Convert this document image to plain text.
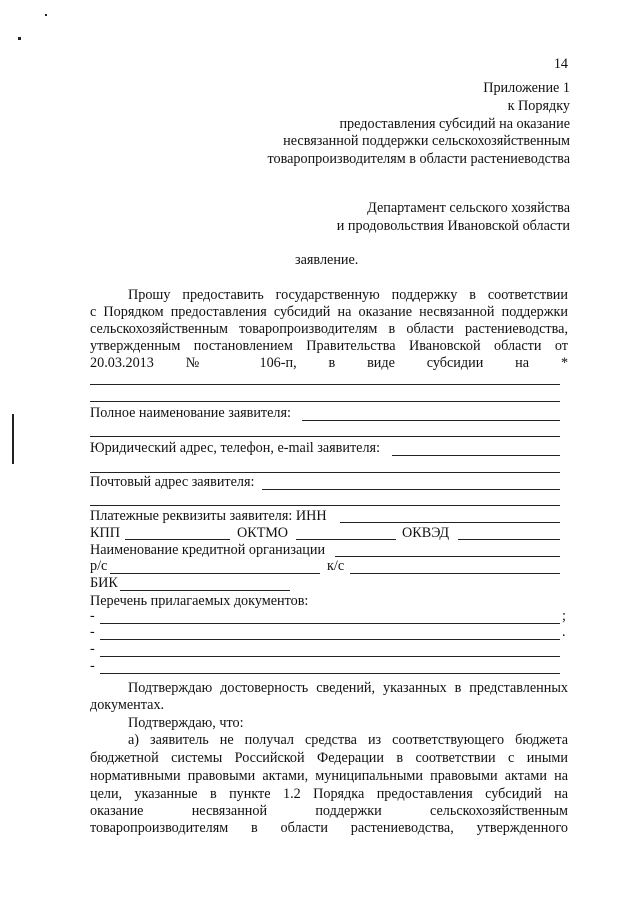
14
Приложение 1
к Порядку
предоставления субсидий на оказание
несвязанной поддержки сельскохозяйственным
товаропроизводителям в области растениеводства
Департамент сельского хозяйства
и продовольствия Ивановской области
заявление.
Прошу предоставить государственную поддержку в соответствии
с Порядком предоставления субсидий на оказание несвязанной поддержки
сельскохозяйственным товаропроизводителям в области растениеводства,
утвержденным постановлением Правительства Ивановской области от
20.03.2013 № 106-п, в виде субсидии на *
Полное наименование заявителя:
Юридический адрес, телефон, e-mail заявителя:
Почтовый адрес заявителя:
Платежные реквизиты заявителя: ИНН
КПП	ОКТМО	ОКВЭД
Наименование кредитной организации
р/с	к/с
БИК
Перечень прилагаемых документов:
-	;
-	.
-
-
Подтверждаю достоверность сведений, указанных в представленных
документах.
Подтверждаю, что:
а) заявитель не получал средства из соответствующего бюджета
бюджетной системы Российской Федерации в соответствии с иными
нормативными правовыми актами, муниципальными правовыми актами на
цели, указанные в пункте 1.2 Порядка предоставления субсидий на
оказание	несвязанной	поддержки	сельскохозяйственным
товаропроизводителям в области растениеводства, утвержденного
